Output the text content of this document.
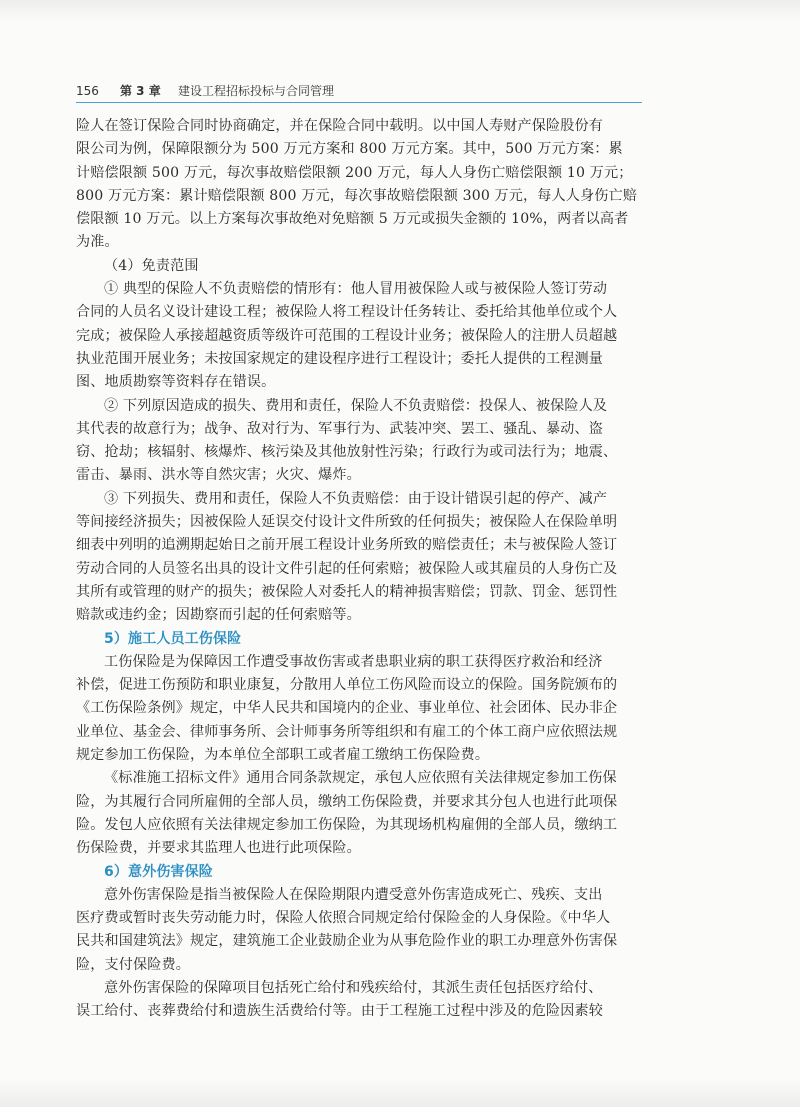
156 第 3 章 建设工程招标投标与合同管理
险人在签订保险合同时协商确定，并在保险合同中载明。以中国人寿财产保险股份有
限公司为例，保障限额分为 500 万元方案和 800 万元方案。其中，500 万元方案：累
计赔偿限额 500 万元，每次事故赔偿限额 200 万元，每人人身伤亡赔偿限额 10 万元；
800 万元方案：累计赔偿限额 800 万元，每次事故赔偿限额 300 万元，每人人身伤亡赔
偿限额 10 万元。以上方案每次事故绝对免赔额 5 万元或损失金额的 10%，两者以高者
为准。
（4）免责范围
① 典型的保险人不负责赔偿的情形有：他人冒用被保险人或与被保险人签订劳动
合同的人员名义设计建设工程；被保险人将工程设计任务转让、委托给其他单位或个人
完成；被保险人承接超越资质等级许可范围的工程设计业务；被保险人的注册人员超越
执业范围开展业务；未按国家规定的建设程序进行工程设计；委托人提供的工程测量
图、地质勘察等资料存在错误。
② 下列原因造成的损失、费用和责任，保险人不负责赔偿：投保人、被保险人及
其代表的故意行为；战争、敌对行为、军事行为、武装冲突、罢工、骚乱、暴动、盗
窃、抢劫；核辐射、核爆炸、核污染及其他放射性污染；行政行为或司法行为；地震、
雷击、暴雨、洪水等自然灾害；火灾、爆炸。
③ 下列损失、费用和责任，保险人不负责赔偿：由于设计错误引起的停产、减产
等间接经济损失；因被保险人延误交付设计文件所致的任何损失；被保险人在保险单明
细表中列明的追溯期起始日之前开展工程设计业务所致的赔偿责任；未与被保险人签订
劳动合同的人员签名出具的设计文件引起的任何索赔；被保险人或其雇员的人身伤亡及
其所有或管理的财产的损失；被保险人对委托人的精神损害赔偿；罚款、罚金、惩罚性
赔款或违约金；因勘察而引起的任何索赔等。
5）施工人员工伤保险
工伤保险是为保障因工作遭受事故伤害或者患职业病的职工获得医疗救治和经济
补偿，促进工伤预防和职业康复，分散用人单位工伤风险而设立的保险。国务院颁布的
《工伤保险条例》规定，中华人民共和国境内的企业、事业单位、社会团体、民办非企
业单位、基金会、律师事务所、会计师事务所等组织和有雇工的个体工商户应依照法规
规定参加工伤保险，为本单位全部职工或者雇工缴纳工伤保险费。
《标准施工招标文件》通用合同条款规定，承包人应依照有关法律规定参加工伤保
险，为其履行合同所雇佣的全部人员，缴纳工伤保险费，并要求其分包人也进行此项保
险。发包人应依照有关法律规定参加工伤保险，为其现场机构雇佣的全部人员，缴纳工
伤保险费，并要求其监理人也进行此项保险。
6）意外伤害保险
意外伤害保险是指当被保险人在保险期限内遭受意外伤害造成死亡、残疾、支出
医疗费或暂时丧失劳动能力时，保险人依照合同规定给付保险金的人身保险。《中华人
民共和国建筑法》规定，建筑施工企业鼓励企业为从事危险作业的职工办理意外伤害保
险，支付保险费。
意外伤害保险的保障项目包括死亡给付和残疾给付，其派生责任包括医疗给付、
误工给付、丧葬费给付和遗族生活费给付等。由于工程施工过程中涉及的危险因素较
